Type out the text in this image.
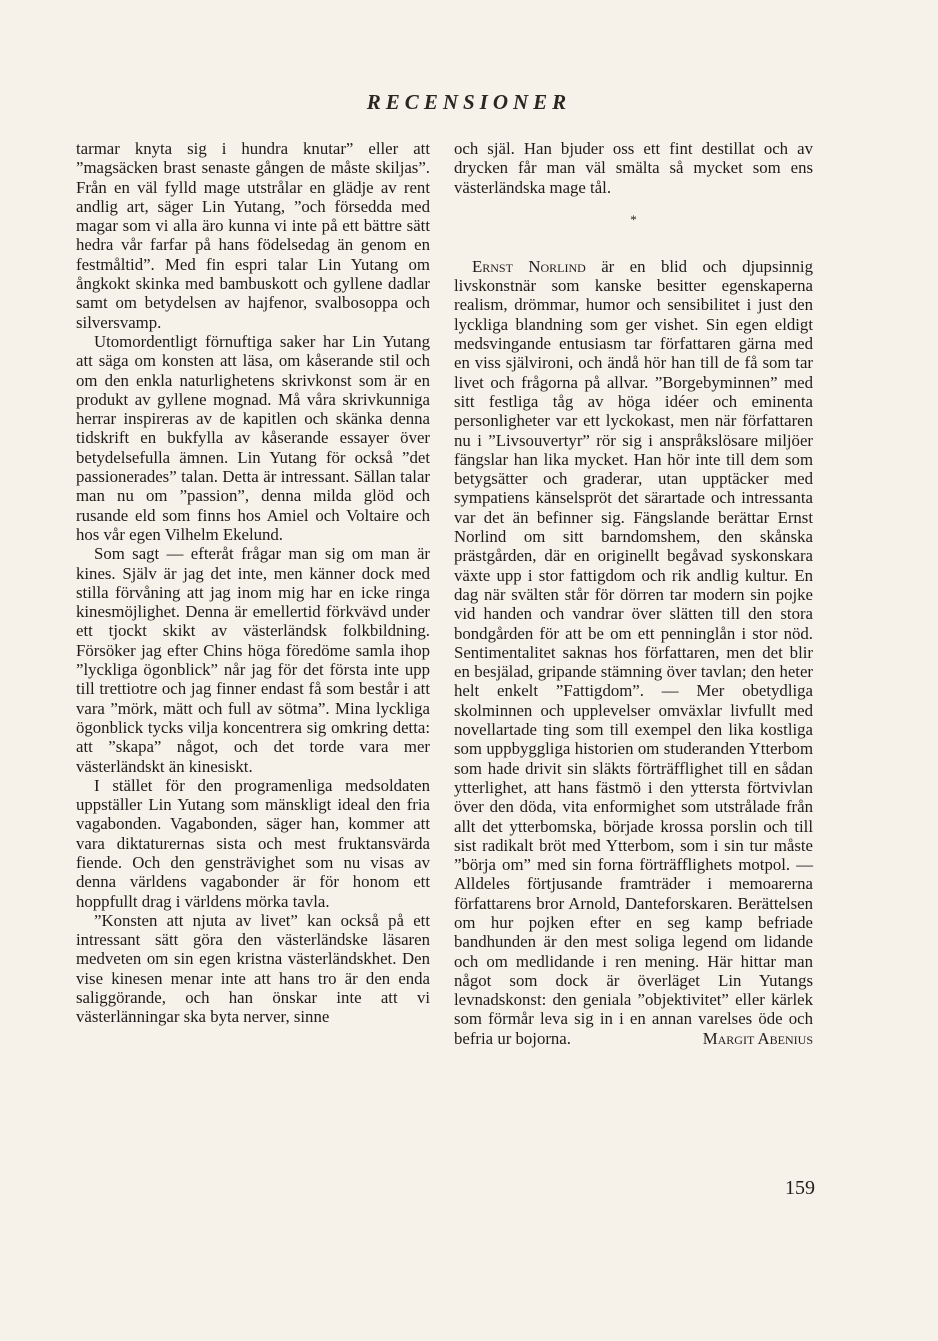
RECENSIONER

tarmar knyta sig i hundra knutar” eller att ”magsäcken brast senaste gången de måste skiljas”. Från en väl fylld mage utstrålar en glädje av rent andlig art, säger Lin Yutang, ”och försedda med magar som vi alla äro kunna vi inte på ett bättre sätt hedra vår farfar på hans födelsedag än genom en festmåltid”. Med fin espri talar Lin Yutang om ångkokt skinka med bambuskott och gyllene dadlar samt om betydelsen av hajfenor, svalbosoppa och silversvamp.

Utomordentligt förnuftiga saker har Lin Yutang att säga om konsten att läsa, om kåserande stil och om den enkla naturlighetens skrivkonst som är en produkt av gyllene mognad. Må våra skrivkunniga herrar inspireras av de kapitlen och skänka denna tidskrift en bukfylla av kåserande essayer över betydelsefulla ämnen. Lin Yutang för också ”det passionerades” talan. Detta är intressant. Sällan talar man nu om ”passion”, denna milda glöd och rusande eld som finns hos Amiel och Voltaire och hos vår egen Vilhelm Ekelund.

Som sagt — efteråt frågar man sig om man är kines. Själv är jag det inte, men känner dock med stilla förvåning att jag inom mig har en icke ringa kinesmöjlighet. Denna är emellertid förkvävd under ett tjockt skikt av västerländsk folkbildning. Försöker jag efter Chins höga föredöme samla ihop ”lyckliga ögonblick” når jag för det första inte upp till trettiotre och jag finner endast få som består i att vara ”mörk, mätt och full av sötma”. Mina lyckliga ögonblick tycks vilja koncentrera sig omkring detta: att ”skapa” något, och det torde vara mer västerländskt än kinesiskt.

I stället för den programenliga medsoldaten uppställer Lin Yutang som mänskligt ideal den fria vagabonden. Vagabonden, säger han, kommer att vara diktaturernas sista och mest fruktansvärda fiende. Och den gensträvighet som nu visas av denna världens vagabonder är för honom ett hoppfullt drag i världens mörka tavla.

”Konsten att njuta av livet” kan också på ett intressant sätt göra den västerländske läsaren medveten om sin egen kristna västerländskhet. Den vise kinesen menar inte att hans tro är den enda saliggörande, och han önskar inte att vi västerlänningar ska byta nerver, sinne

och själ. Han bjuder oss ett fint destillat och av drycken får man väl smälta så mycket som ens västerländska mage tål.

*

Ernst Norlind är en blid och djupsinnig livskonstnär som kanske besitter egenskaperna realism, drömmar, humor och sensibilitet i just den lyckliga blandning som ger vishet. Sin egen eldigt medsvingande entusiasm tar författaren gärna med en viss självironi, och ändå hör han till de få som tar livet och frågorna på allvar. ”Borgebyminnen” med sitt festliga tåg av höga idéer och eminenta personligheter var ett lyckokast, men när författaren nu i ”Livsouvertyr” rör sig i anspråkslösare miljöer fängslar han lika mycket. Han hör inte till dem som betygsätter och graderar, utan upptäcker med sympatiens känselspröt det särartade och intressanta var det än befinner sig. Fängslande berättar Ernst Norlind om sitt barndomshem, den skånska prästgården, där en originellt begåvad syskonskara växte upp i stor fattigdom och rik andlig kultur. En dag när svälten står för dörren tar modern sin pojke vid handen och vandrar över slätten till den stora bondgården för att be om ett penninglån i stor nöd. Sentimentalitet saknas hos författaren, men det blir en besjälad, gripande stämning över tavlan; den heter helt enkelt ”Fattigdom”. — Mer obetydliga skolminnen och upplevelser omväxlar livfullt med novellartade ting som till exempel den lika kostliga som uppbyggliga historien om studeranden Ytterbom som hade drivit sin släkts förträfflighet till en sådan ytterlighet, att hans fästmö i den yttersta förtvivlan över den döda, vita enformighet som utstrålade från allt det ytterbomska, började krossa porslin och till sist radikalt bröt med Ytterbom, som i sin tur måste ”börja om” med sin forna förträfflighets motpol. — Alldeles förtjusande framträder i memoarerna författarens bror Arnold, Danteforskaren. Berättelsen om hur pojken efter en seg kamp befriade bandhunden är den mest soliga legend om lidande och om medlidande i ren mening. Här hittar man något som dock är överläget Lin Yutangs levnadskonst: den geniala ”objektivitet” eller kärlek som förmår leva sig in i en annan varelses öde och befria ur bojorna.	Margit Abenius
159
